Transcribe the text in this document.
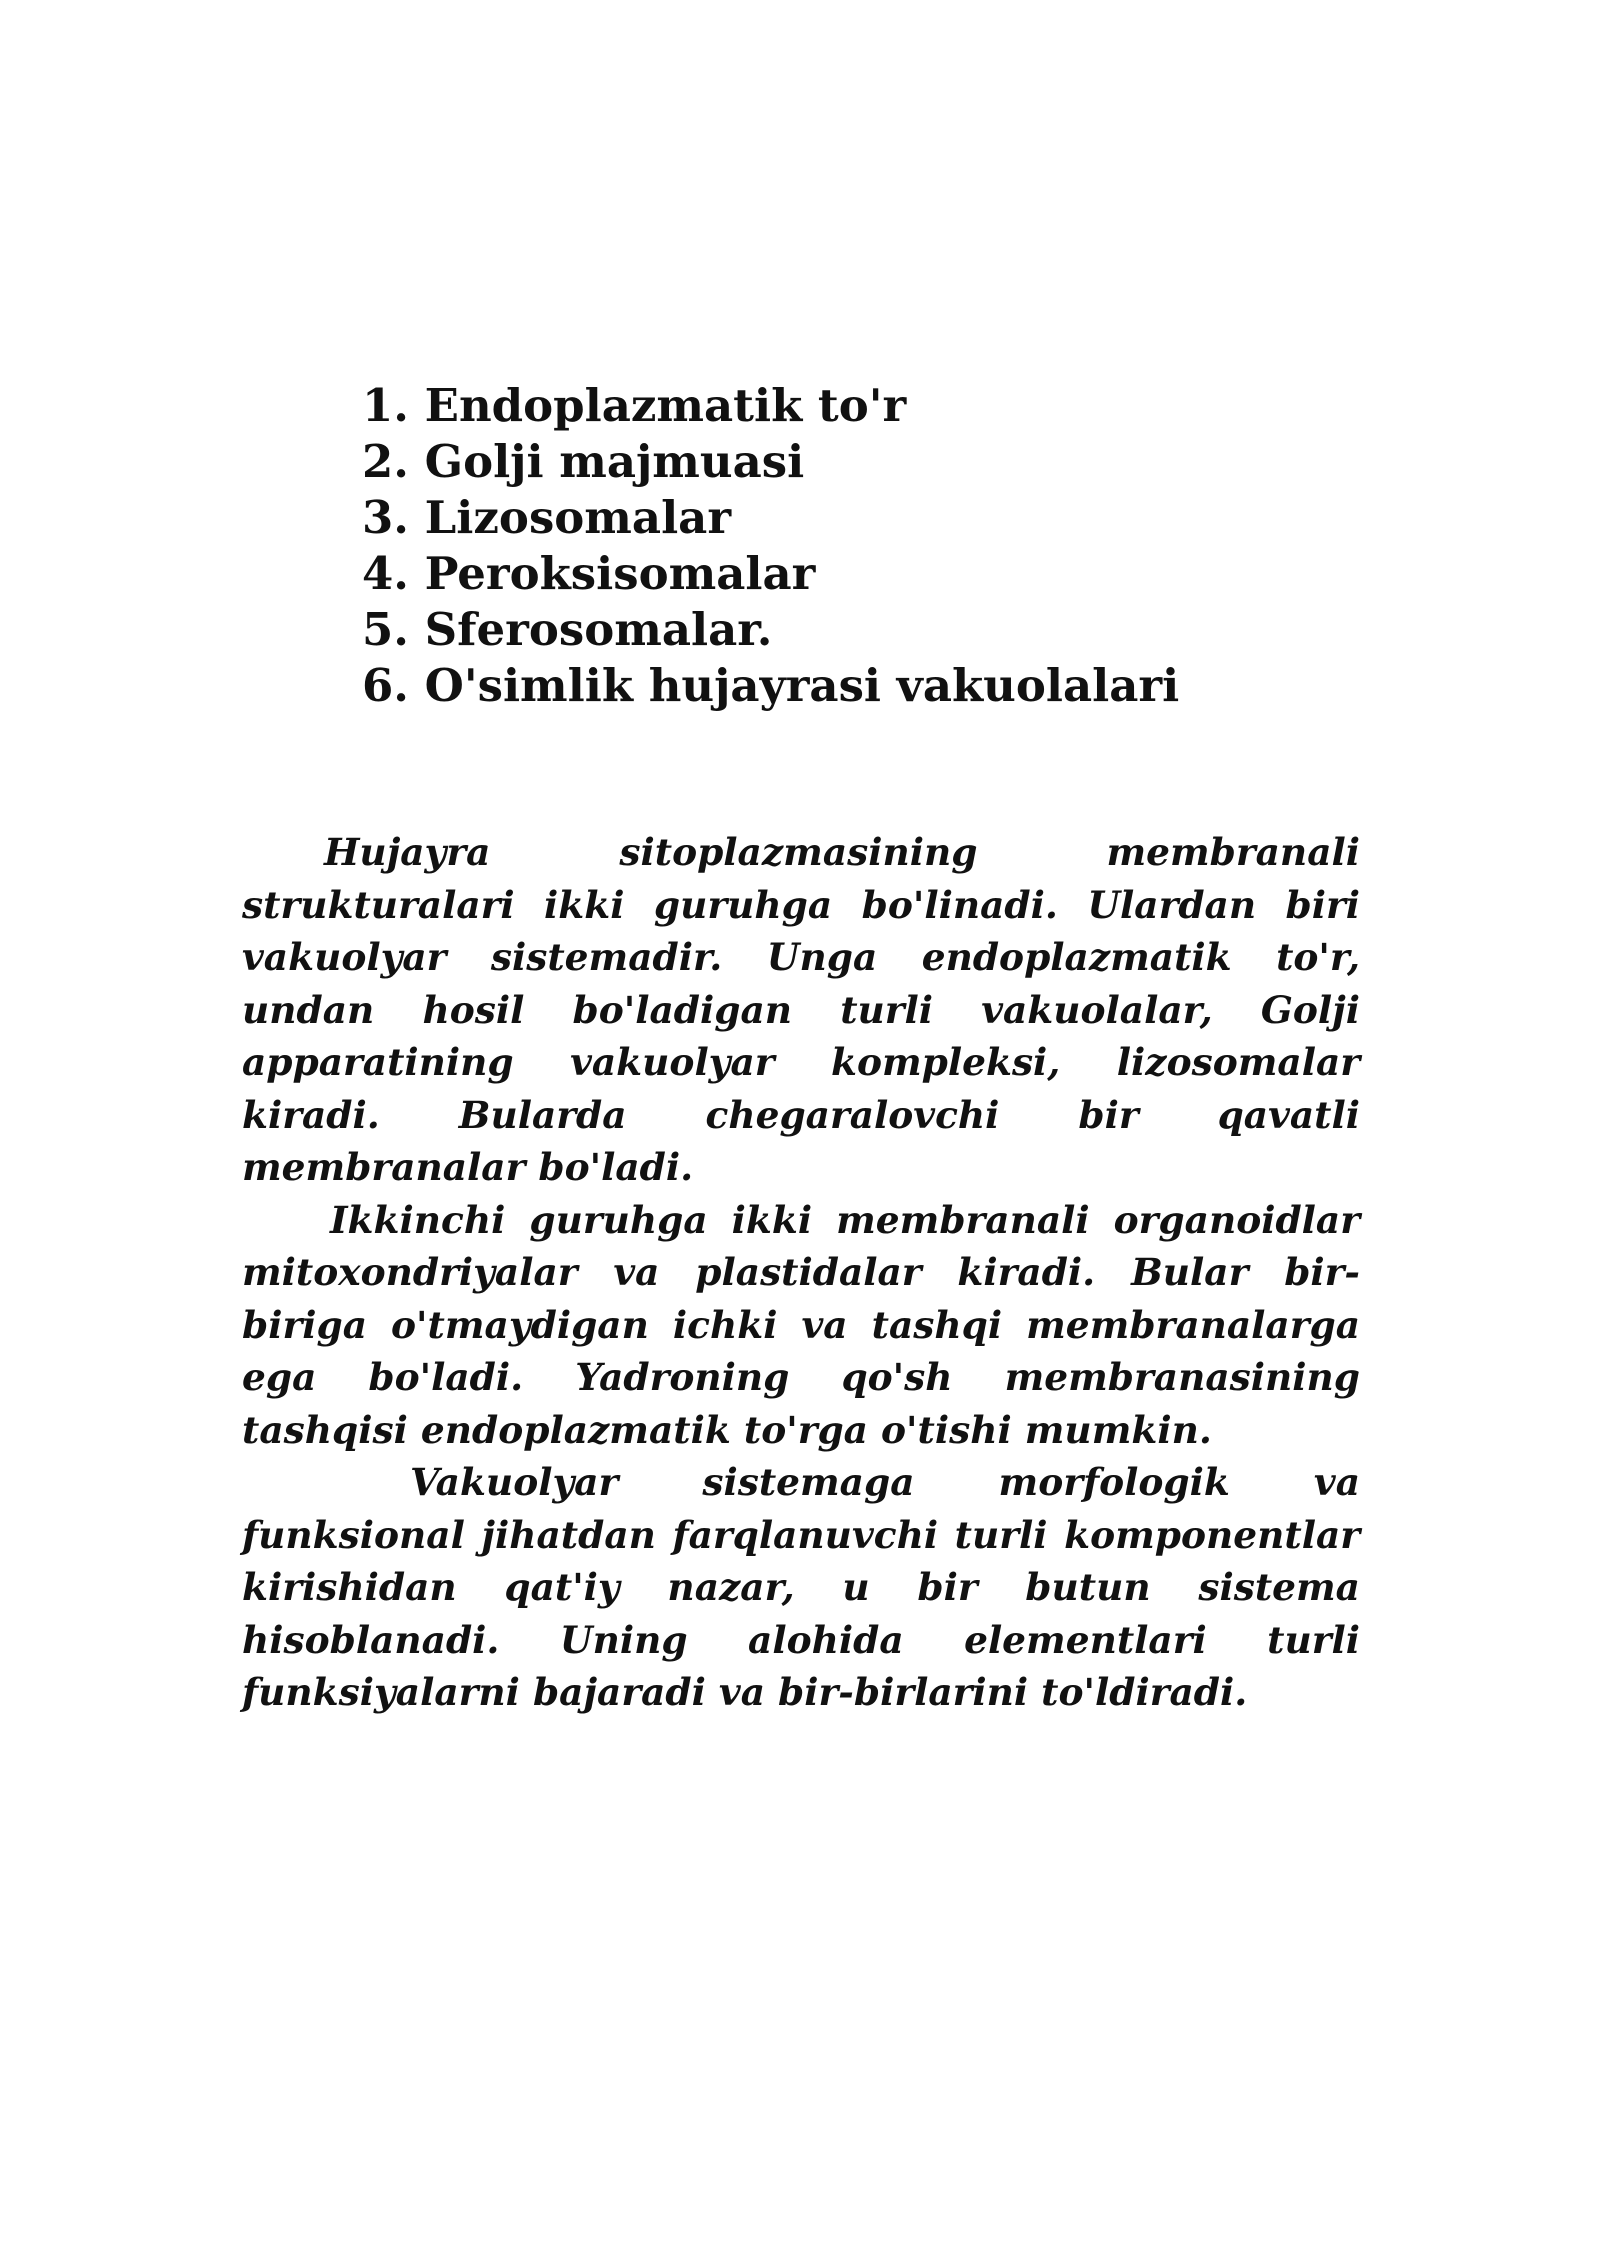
1. Endoplazmatik to'r
2. Golji majmuasi
3. Lizosomalar
4. Peroksisomalar
5. Sferosomalar.
6. O'simlik hujayrasi vakuolalari

Hujayra sitoplazmasining membranali strukturalari ikki guruhga bo'linadi. Ulardan biri vakuolyar sistemadir. Unga endoplazmatik to'r, undan hosil bo'ladigan turli vakuolalar, Golji apparatining vakuolyar kompleksi, lizosomalar kiradi. Bularda chegaralovchi bir qavatli membranalar bo'ladi.

Ikkinchi guruhga ikki membranali organoidlar mitoxondriyalar va plastidalar kiradi. Bular bir-biriga o'tmaydigan ichki va tashqi membranalarga ega bo'ladi. Yadroning qo'sh membranasining tashqisi endoplazmatik to'rga o'tishi mumkin.

Vakuolyar sistemaga morfologik va funksional jihatdan farqlanuvchi turli komponentlar kirishidan qat'iy nazar, u bir butun sistema hisoblanadi. Uning alohida elementlari turli funksiyalarni bajaradi va bir-birlarini to'ldiradi.
